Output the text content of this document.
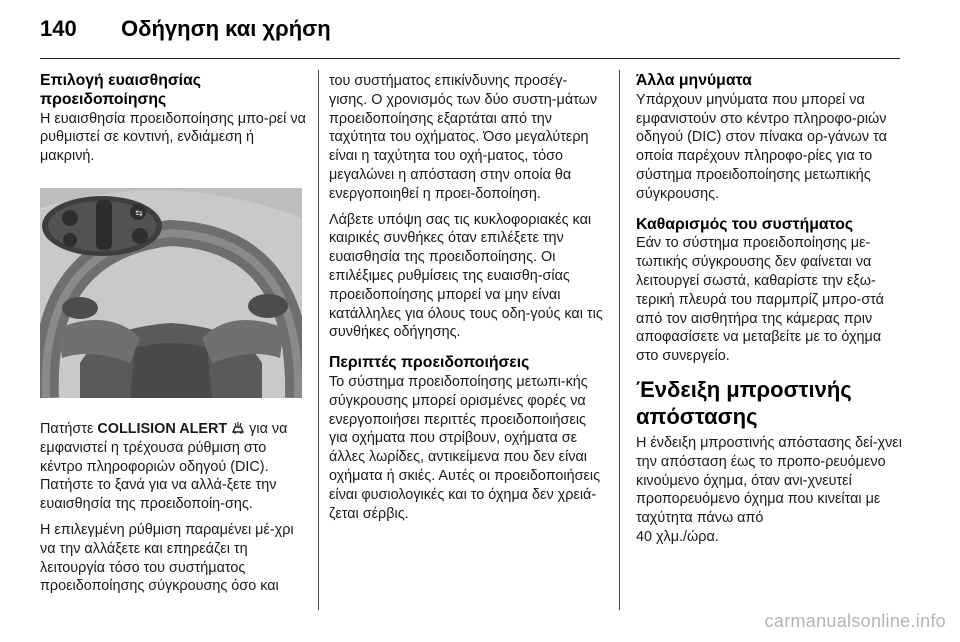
140 Οδήγηση και χρήση
Επιλογή ευαισθησίας
προειδοποίησης

Η ευαισθησία προειδοποίησης μπο-ρεί να ρυθμιστεί σε κοντινή, ενδιάμεση ή μακρινή.

⇆

Πατήστε COLLISION ALERT  για να εμφανιστεί η τρέχουσα ρύθμιση στο κέντρο πληροφοριών οδηγού (DIC). Πατήστε το ξανά για να αλλά-ξετε την ευαισθησία της προειδοποίη-σης.

Η επιλεγμένη ρύθμιση παραμένει μέ-χρι να την αλλάξετε και επηρεάζει τη λειτουργία τόσο του συστήματος προειδοποίησης σύγκρουσης όσο και

του συστήματος επικίνδυνης προσέγ-γισης. Ο χρονισμός των δύο συστη-μάτων προειδοποίησης εξαρτάται από την ταχύτητα του οχήματος. Όσο μεγαλύτερη είναι η ταχύτητα του οχή-ματος, τόσο μεγαλώνει η απόσταση στην οποία θα ενεργοποιηθεί η προει-δοποίηση.

Λάβετε υπόψη σας τις κυκλοφοριακές και καιρικές συνθήκες όταν επιλέξετε την ευαισθησία της προειδοποίησης. Οι επιλέξιμες ρυθμίσεις της ευαισθη-σίας προειδοποίησης μπορεί να μην είναι κατάλληλες για όλους τους οδη-γούς και τις συνθήκες οδήγησης.

Περιπτές προειδοποιήσεις

Το σύστημα προειδοποίησης μετωπι-κής σύγκρουσης μπορεί ορισμένες φορές να ενεργοποιήσει περιττές προειδοποιήσεις για οχήματα που στρίβουν, οχήματα σε άλλες λωρίδες, αντικείμενα που δεν είναι οχήματα ή σκιές. Αυτές οι προειδοποιήσεις είναι φυσιολογικές και το όχημα δεν χρειά-ζεται σέρβις.

Άλλα μηνύματα

Υπάρχουν μηνύματα που μπορεί να εμφανιστούν στο κέντρο πληροφο-ριών οδηγού (DIC) στον πίνακα ορ-γάνων τα οποία παρέχουν πληροφο-ρίες για το σύστημα προειδοποίησης μετωπικής σύγκρουσης.

Καθαρισμός του συστήματος

Εάν το σύστημα προειδοποίησης με-τωπικής σύγκρουσης δεν φαίνεται να λειτουργεί σωστά, καθαρίστε την εξω-τερική πλευρά του παρμπρίζ μπρο-στά από τον αισθητήρα της κάμερας πριν αποφασίσετε να μεταβείτε με το όχημα στο συνεργείο.

Ένδειξη μπροστινής
απόστασης

Η ένδειξη μπροστινής απόστασης δεί-χνει την απόσταση έως το προπο-ρευόμενο κινούμενο όχημα, όταν ανι-χνευτεί προπορευόμενο όχημα που κινείται με ταχύτητα πάνω από

40 χλμ./ώρα.

carmanualsonline.info
